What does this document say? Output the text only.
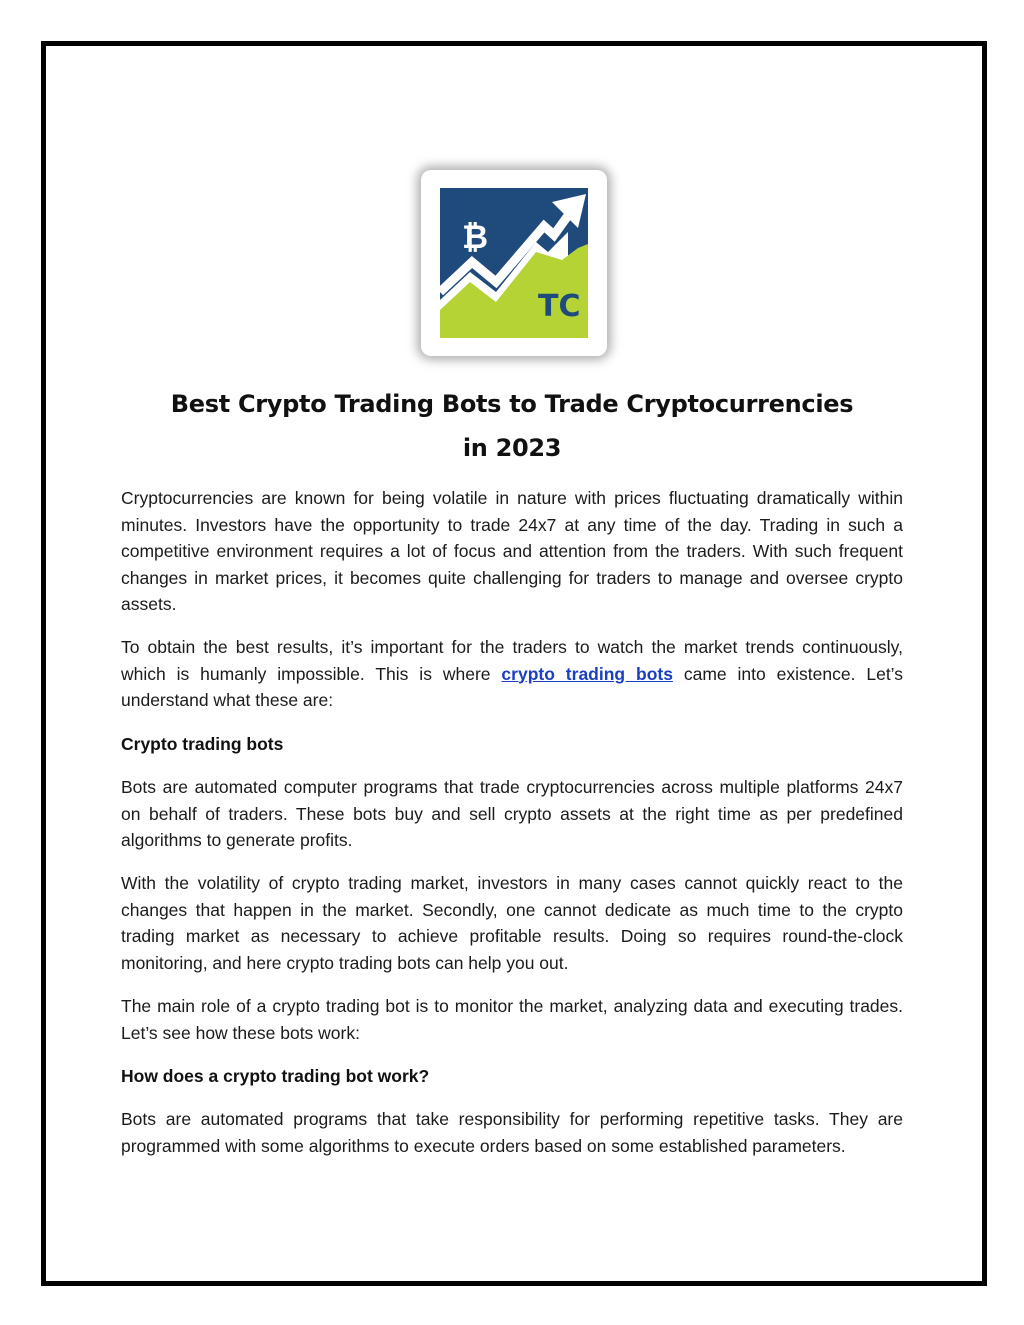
₿
TC
Best Crypto Trading Bots to Trade Cryptocurrencies
in 2023

Cryptocurrencies are known for being volatile in nature with prices fluctuating dramatically within minutes. Investors have the opportunity to trade 24x7 at any time of the day. Trading in such a competitive environment requires a lot of focus and attention from the traders. With such frequent changes in market prices, it becomes quite challenging for traders to manage and oversee crypto assets.

To obtain the best results, it’s important for the traders to watch the market trends continuously, which is humanly impossible. This is where crypto trading bots came into existence. Let’s understand what these are:

Crypto trading bots

Bots are automated computer programs that trade cryptocurrencies across multiple platforms 24x7 on behalf of traders. These bots buy and sell crypto assets at the right time as per predefined algorithms to generate profits.

With the volatility of crypto trading market, investors in many cases cannot quickly react to the changes that happen in the market. Secondly, one cannot dedicate as much time to the crypto trading market as necessary to achieve profitable results. Doing so requires round-the-clock monitoring, and here crypto trading bots can help you out.

The main role of a crypto trading bot is to monitor the market, analyzing data and executing trades. Let’s see how these bots work:

How does a crypto trading bot work?

Bots are automated programs that take responsibility for performing repetitive tasks. They are programmed with some algorithms to execute orders based on some established parameters.
